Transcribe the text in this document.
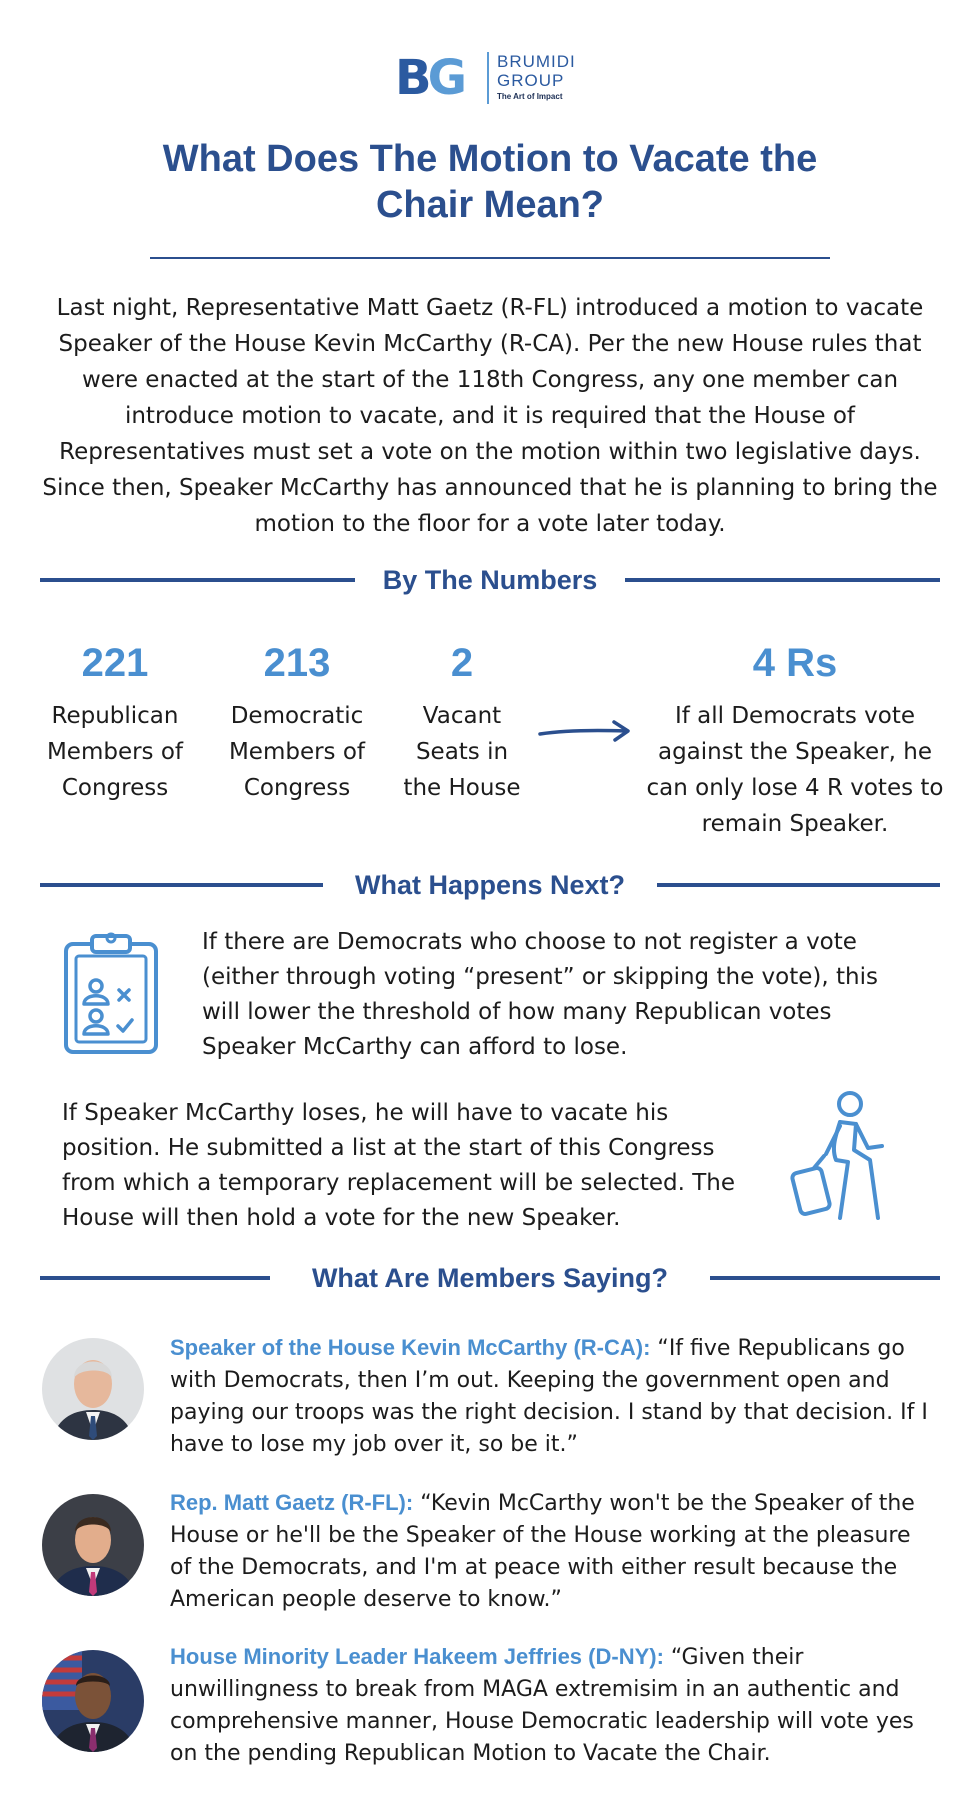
BG BRUMIDI
GROUP
The Art of Impact
What Does The Motion to Vacate the
Chair Mean?
Last night, Representative Matt Gaetz (R-FL) introduced a motion to vacate Speaker of the House Kevin McCarthy (R-CA). Per the new House rules that were enacted at the start of the 118th Congress, any one member can introduce motion to vacate, and it is required that the House of Representatives must set a vote on the motion within two legislative days. Since then, Speaker McCarthy has announced that he is planning to bring the motion to the floor for a vote later today.
By The Numbers
221
Republican Members of Congress
213
Democratic Members of Congress
2
Vacant Seats in the House
4 Rs
If all Democrats vote against the Speaker, he can only lose 4 R votes to remain Speaker.
What Happens Next?
If there are Democrats who choose to not register a vote (either through voting “present” or skipping the vote), this will lower the threshold of how many Republican votes Speaker McCarthy can afford to lose.
If Speaker McCarthy loses, he will have to vacate his position. He submitted a list at the start of this Congress from which a temporary replacement will be selected. The House will then hold a vote for the new Speaker.
What Are Members Saying?
Speaker of the House Kevin McCarthy (R-CA): “If five Republicans go with Democrats, then I’m out. Keeping the government open and paying our troops was the right decision. I stand by that decision. If I have to lose my job over it, so be it.”
Rep. Matt Gaetz (R-FL): “Kevin McCarthy won't be the Speaker of the House or he'll be the Speaker of the House working at the pleasure of the Democrats, and I'm at peace with either result because the American people deserve to know.”
House Minority Leader Hakeem Jeffries (D-NY): “Given their unwillingness to break from MAGA extremisim in an authentic and comprehensive manner, House Democratic leadership will vote yes on the pending Republican Motion to Vacate the Chair.
